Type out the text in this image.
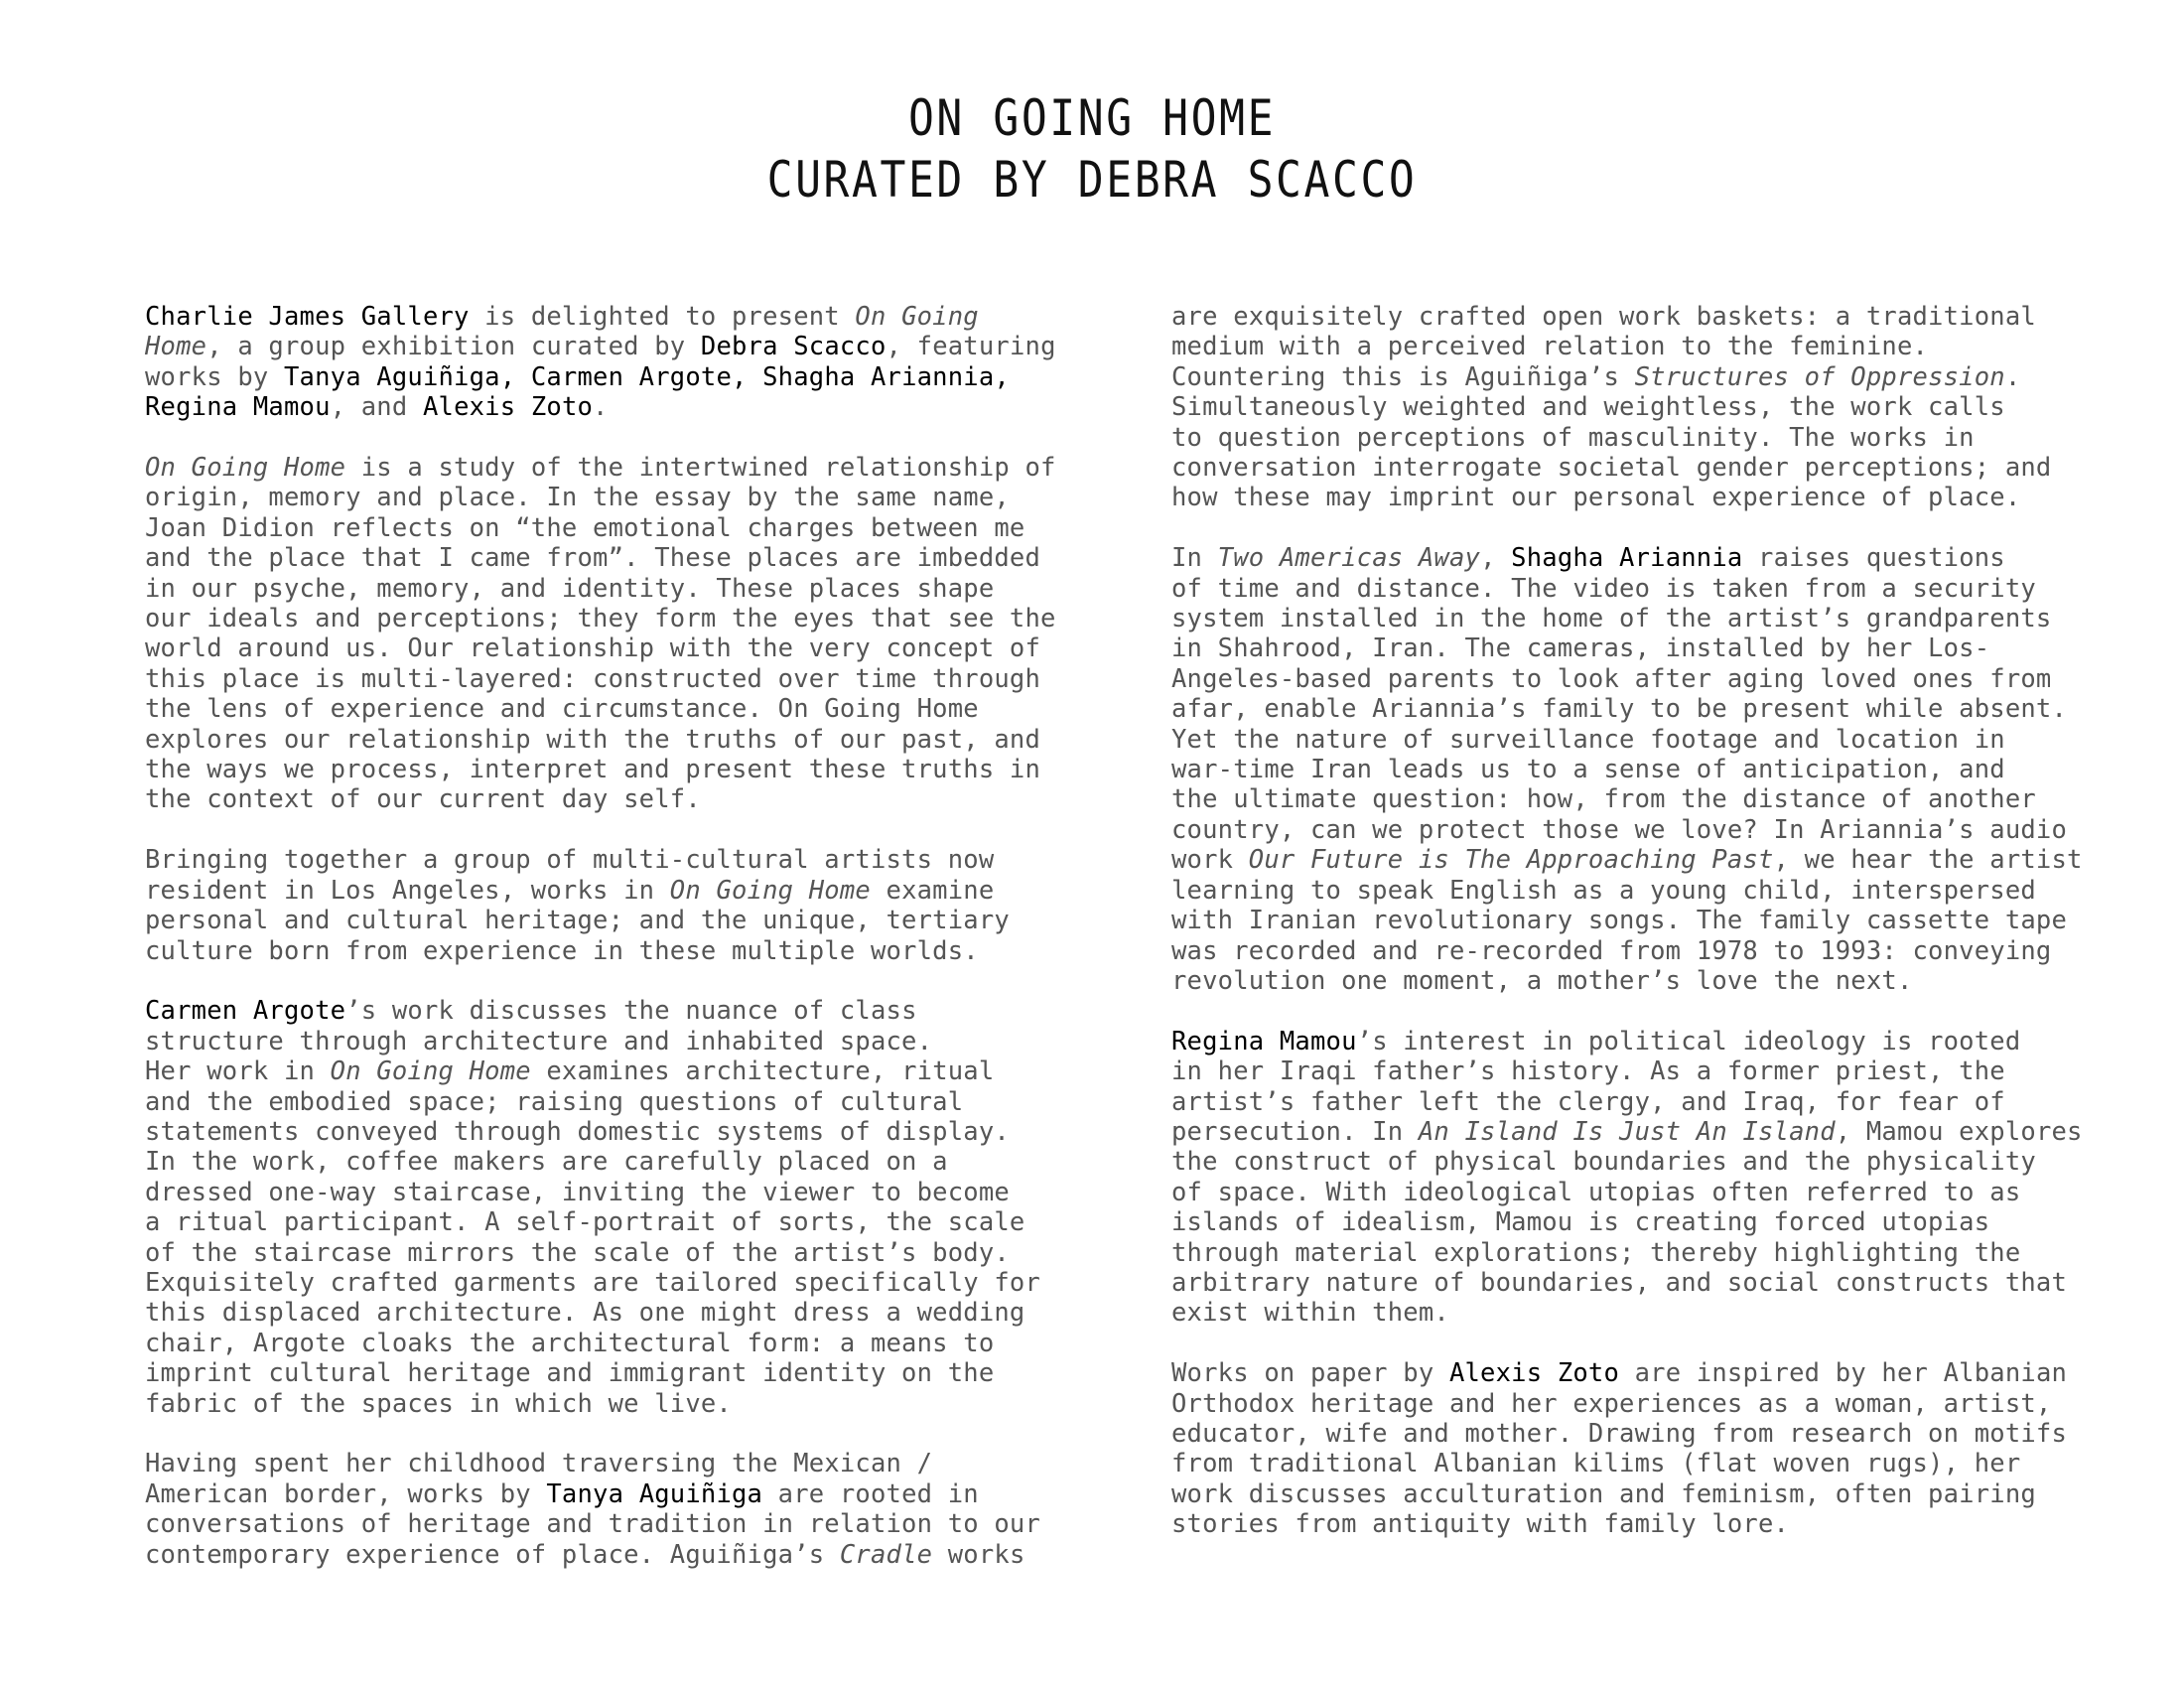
ON GOING HOME
CURATED BY DEBRA SCACCO

Charlie James Gallery is delighted to present On Going
Home, a group exhibition curated by Debra Scacco, featuring
works by Tanya Aguiñiga, Carmen Argote, Shagha Ariannia,
Regina Mamou, and Alexis Zoto.

On Going Home is a study of the intertwined relationship of
origin, memory and place. In the essay by the same name,
Joan Didion reflects on “the emotional charges between me
and the place that I came from”. These places are imbedded
in our psyche, memory, and identity. These places shape
our ideals and perceptions; they form the eyes that see the
world around us. Our relationship with the very concept of
this place is multi-layered: constructed over time through
the lens of experience and circumstance. On Going Home
explores our relationship with the truths of our past, and
the ways we process, interpret and present these truths in
the context of our current day self.

Bringing together a group of multi-cultural artists now
resident in Los Angeles, works in On Going Home examine
personal and cultural heritage; and the unique, tertiary
culture born from experience in these multiple worlds.

Carmen Argote’s work discusses the nuance of class
structure through architecture and inhabited space.
Her work in On Going Home examines architecture, ritual
and the embodied space; raising questions of cultural
statements conveyed through domestic systems of display.
In the work, coffee makers are carefully placed on a
dressed one-way staircase, inviting the viewer to become
a ritual participant. A self-portrait of sorts, the scale
of the staircase mirrors the scale of the artist’s body.
Exquisitely crafted garments are tailored specifically for
this displaced architecture. As one might dress a wedding
chair, Argote cloaks the architectural form: a means to
imprint cultural heritage and immigrant identity on the
fabric of the spaces in which we live.

Having spent her childhood traversing the Mexican /
American border, works by Tanya Aguiñiga are rooted in
conversations of heritage and tradition in relation to our
contemporary experience of place. Aguiñiga’s Cradle works

are exquisitely crafted open work baskets: a traditional
medium with a perceived relation to the feminine.
Countering this is Aguiñiga’s Structures of Oppression.
Simultaneously weighted and weightless, the work calls
to question perceptions of masculinity. The works in
conversation interrogate societal gender perceptions; and
how these may imprint our personal experience of place.

In Two Americas Away, Shagha Ariannia raises questions
of time and distance. The video is taken from a security
system installed in the home of the artist’s grandparents
in Shahrood, Iran. The cameras, installed by her Los-
Angeles-based parents to look after aging loved ones from
afar, enable Ariannia’s family to be present while absent.
Yet the nature of surveillance footage and location in
war-time Iran leads us to a sense of anticipation, and
the ultimate question: how, from the distance of another
country, can we protect those we love? In Ariannia’s audio
work Our Future is The Approaching Past, we hear the artist
learning to speak English as a young child, interspersed
with Iranian revolutionary songs. The family cassette tape
was recorded and re-recorded from 1978 to 1993: conveying
revolution one moment, a mother’s love the next.

Regina Mamou’s interest in political ideology is rooted
in her Iraqi father’s history. As a former priest, the
artist’s father left the clergy, and Iraq, for fear of
persecution. In An Island Is Just An Island, Mamou explores
the construct of physical boundaries and the physicality
of space. With ideological utopias often referred to as
islands of idealism, Mamou is creating forced utopias
through material explorations; thereby highlighting the
arbitrary nature of boundaries, and social constructs that
exist within them.

Works on paper by Alexis Zoto are inspired by her Albanian
Orthodox heritage and her experiences as a woman, artist,
educator, wife and mother. Drawing from research on motifs
from traditional Albanian kilims (flat woven rugs), her
work discusses acculturation and feminism, often pairing
stories from antiquity with family lore.
